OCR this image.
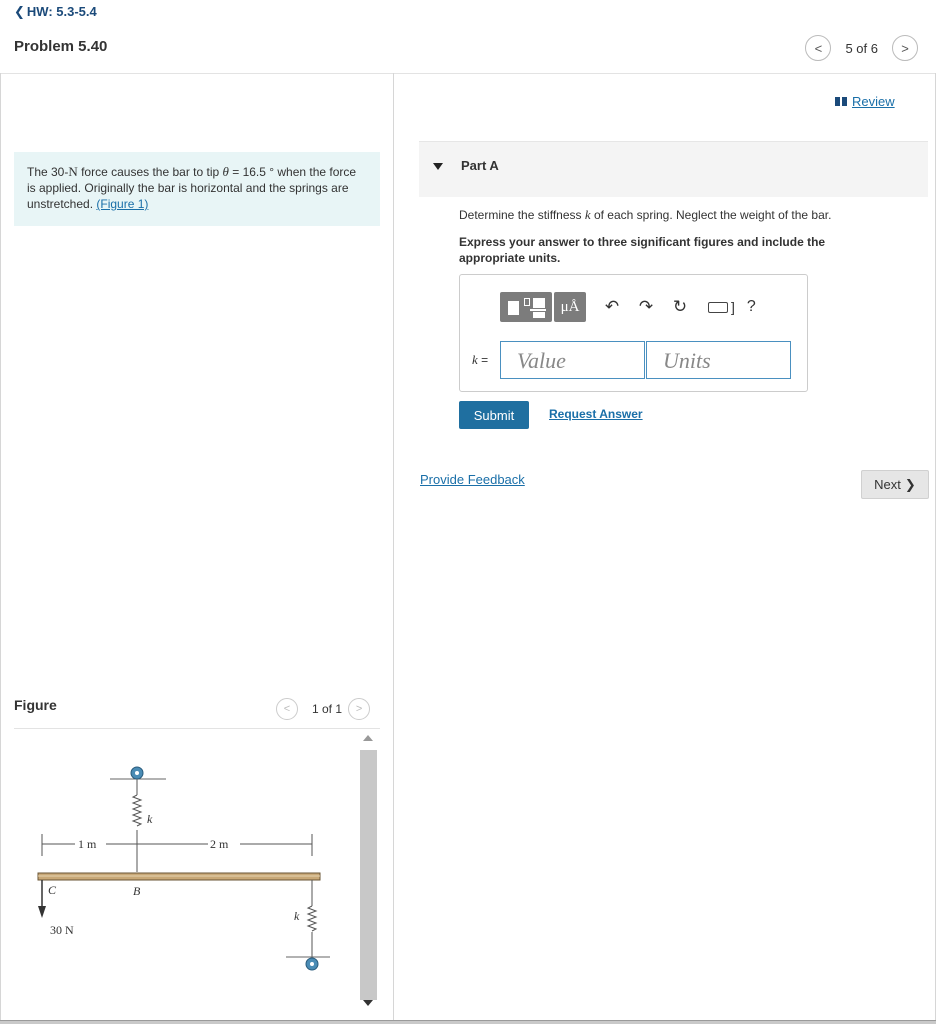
❮ HW: 5.3-5.4
Problem 5.40	< 5 of 6 >
The 30-N force causes the bar to tip θ = 16.5 ° when the force is applied. Originally the bar is horizontal and the springs are unstretched. (Figure 1)
Figure	< 1 of 1 >
k
1 m	2 m
C	B
30 N
k
Review
Part A
Determine the stiffness k of each spring. Neglect the weight of the bar.
Express your answer to three significant figures and include the appropriate units.
μÅ	↶ ↷ ↻	] ?
k =	Value	Units
Submit	Request Answer
Provide Feedback	Next ❯
